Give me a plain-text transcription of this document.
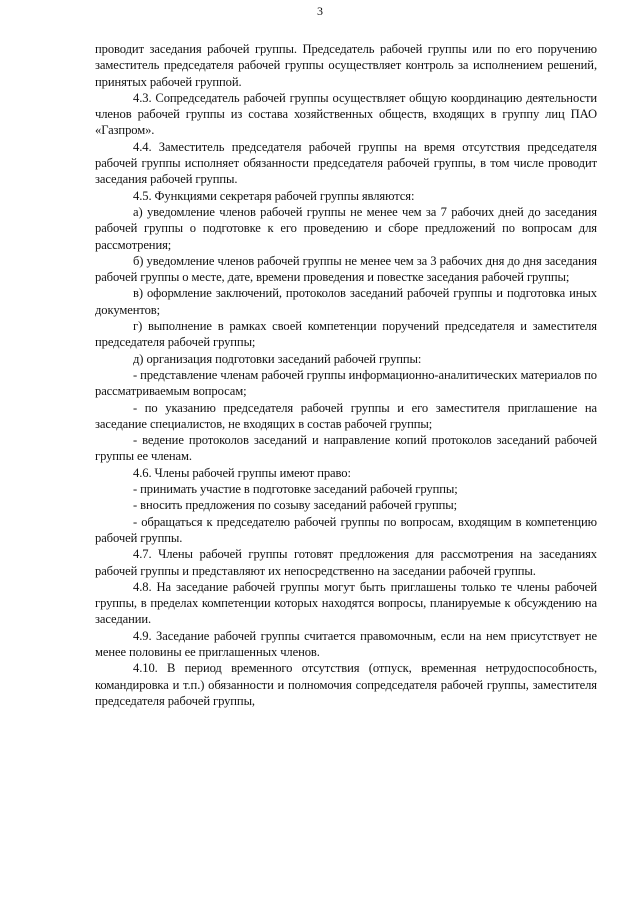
3

проводит заседания рабочей группы. Председатель рабочей группы или по его поручению заместитель председателя рабочей группы осуществляет контроль за исполнением решений, принятых рабочей группой.

4.3. Сопредседатель рабочей группы осуществляет общую координацию деятельности членов рабочей группы из состава хозяйственных обществ, входящих в группу лиц ПАО «Газпром».

4.4. Заместитель председателя рабочей группы на время отсутствия председателя рабочей группы исполняет обязанности председателя рабочей группы, в том числе проводит заседания рабочей группы.

4.5. Функциями секретаря рабочей группы являются:

а) уведомление членов рабочей группы не менее чем за 7 рабочих дней до заседания рабочей группы о подготовке к его проведению и сборе предложений по вопросам для рассмотрения;

б) уведомление членов рабочей группы не менее чем за 3 рабочих дня до дня заседания рабочей группы о месте, дате, времени проведения и повестке заседания рабочей группы;

в) оформление заключений, протоколов заседаний рабочей группы и подготовка иных документов;

г) выполнение в рамках своей компетенции поручений председателя и заместителя председателя рабочей группы;

д) организация подготовки заседаний рабочей группы:

- представление членам рабочей группы информационно-аналитических материалов по рассматриваемым вопросам;

- по указанию председателя рабочей группы и его заместителя приглашение на заседание специалистов, не входящих в состав рабочей группы;

- ведение протоколов заседаний и направление копий протоколов заседаний рабочей группы ее членам.

4.6. Члены рабочей группы имеют право:

- принимать участие в подготовке заседаний рабочей группы;

- вносить предложения по созыву заседаний рабочей группы;

- обращаться к председателю рабочей группы по вопросам, входящим в компетенцию рабочей группы.

4.7. Члены рабочей группы готовят предложения для рассмотрения на заседаниях рабочей группы и представляют их непосредственно на заседании рабочей группы.

4.8. На заседание рабочей группы могут быть приглашены только те члены рабочей группы, в пределах компетенции которых находятся вопросы, планируемые к обсуждению на заседании.

4.9. Заседание рабочей группы считается правомочным, если на нем присутствует не менее половины ее приглашенных членов.

4.10. В период временного отсутствия (отпуск, временная нетрудоспособность, командировка и т.п.) обязанности и полномочия сопредседателя рабочей группы, заместителя председателя рабочей группы,
